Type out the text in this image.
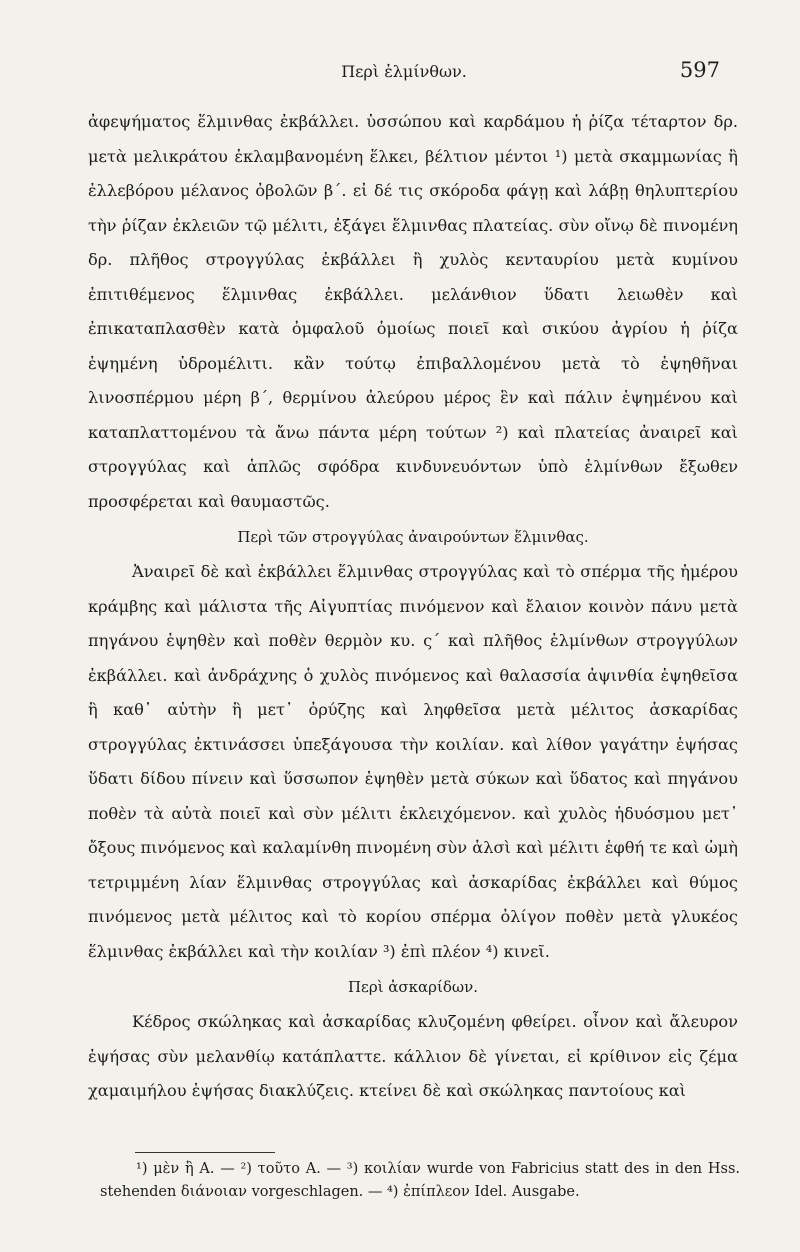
Περὶ ἑλμίνθων.	597

ἀφεψήματος ἕλμινθας ἐκβάλλει. ὑσσώπου καὶ καρδάμου ἡ ῥίζα τέταρτον δρ. μετὰ μελικράτου ἐκλαμβανομένη ἕλκει, βέλτιον μέντοι ¹) μετὰ σκαμμωνίας ἢ ἐλλεβόρου μέλανος ὀβολῶν β΄. εἰ δέ τις σκόροδα φάγῃ καὶ λάβῃ θηλυπτερίου τὴν ῥίζαν ἐκλειῶν τῷ μέλιτι, ἐξάγει ἕλμινθας πλατείας. σὺν οἴνῳ δὲ πινομένη δρ. πλῆθος στρογγύλας ἐκβάλλει ἢ χυλὸς κενταυρίου μετὰ κυμίνου ἐπιτιθέμενος ἕλμινθας ἐκβάλλει. μελάνθιον ὕδατι λειωθὲν καὶ ἐπικαταπλασθὲν κατὰ ὀμφαλοῦ ὁμοίως ποιεῖ καὶ σικύου ἀγρίου ἡ ῥίζα ἑψημένη ὑδρομέλιτι. κἂν τούτῳ ἐπιβαλλομένου μετὰ τὸ ἑψηθῆναι λινοσπέρμου μέρη β΄, θερμίνου ἀλεύρου μέρος ἓν καὶ πάλιν ἑψημένου καὶ καταπλαττομένου τὰ ἄνω πάντα μέρη τούτων ²) καὶ πλατείας ἀναιρεῖ καὶ στρογγύλας καὶ ἁπλῶς σφόδρα κινδυνευόντων ὑπὸ ἑλμίνθων ἔξωθεν προσφέρεται καὶ θαυμαστῶς.

Περὶ τῶν στρογγύλας ἀναιρούντων ἕλμινθας.

Ἀναιρεῖ δὲ καὶ ἐκβάλλει ἕλμινθας στρογγύλας καὶ τὸ σπέρμα τῆς ἡμέρου κράμβης καὶ μάλιστα τῆς Αἰγυπτίας πινόμενον καὶ ἔλαιον κοινὸν πάνυ μετὰ πηγάνου ἑψηθὲν καὶ ποθὲν θερμὸν κυ. ς΄ καὶ πλῆθος ἑλμίνθων στρογγύλων ἐκβάλλει. καὶ ἀνδράχνης ὁ χυλὸς πινόμενος καὶ θαλασσία ἀψινθία ἑψηθεῖσα ἢ καθ᾽ αὑτὴν ἢ μετ᾽ ὀρύζης καὶ ληφθεῖσα μετὰ μέλιτος ἀσκαρίδας στρογγύλας ἐκτινάσσει ὑπεξάγουσα τὴν κοιλίαν. καὶ λίθον γαγάτην ἑψήσας ὕδατι δίδου πίνειν καὶ ὕσσωπον ἑψηθὲν μετὰ σύκων καὶ ὕδατος καὶ πηγάνου ποθὲν τὰ αὐτὰ ποιεῖ καὶ σὺν μέλιτι ἐκλειχόμενον. καὶ χυλὸς ἡδυόσμου μετ᾽ ὄξους πινόμενος καὶ καλαμίνθη πινομένη σὺν ἁλσὶ καὶ μέλιτι ἑφθή τε καὶ ὠμὴ τετριμμένη λίαν ἕλμινθας στρογγύλας καὶ ἀσκαρίδας ἐκβάλλει καὶ θύμος πινόμενος μετὰ μέλιτος καὶ τὸ κορίου σπέρμα ὀλίγον ποθὲν μετὰ γλυκέος ἕλμινθας ἐκβάλλει καὶ τὴν κοιλίαν ³) ἐπὶ πλέον ⁴) κινεῖ.

Περὶ ἀσκαρίδων.

Κέδρος σκώληκας καὶ ἀσκαρίδας κλυζομένη φθείρει. οἶνον καὶ ἄλευρον ἑψήσας σὺν μελανθίῳ κατάπλαττε. κάλλιον δὲ γίνεται, εἰ κρίθινον εἰς ζέμα χαμαιμήλου ἑψήσας διακλύζεις. κτείνει δὲ καὶ σκώληκας παντοίους καὶ

¹) μὲν ἢ Α. — ²) τοῦτο Α. — ³) κοιλίαν wurde von Fabricius statt des in den Hss. stehenden διάνοιαν vorgeschlagen. — ⁴) ἐπίπλεον Idel. Ausgabe.
